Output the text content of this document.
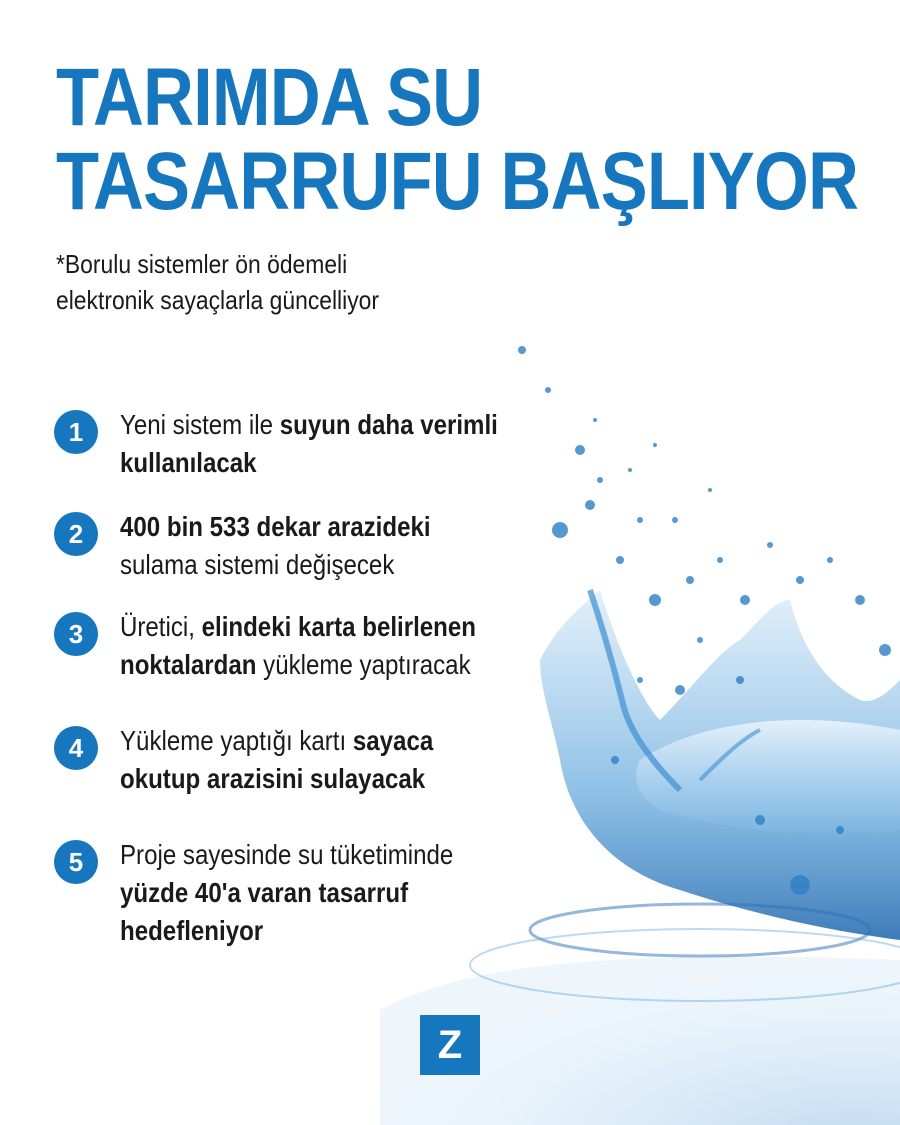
TARIMDA SU
TASARRUFU BAŞLIYOR
*Borulu sistemler ön ödemeli
elektronik sayaçlarla güncelliyor
1	Yeni sistem ile suyun daha verimli
kullanılacak
2	400 bin 533 dekar arazideki
sulama sistemi değişecek
3	Üretici, elindeki karta belirlenen
noktalardan yükleme yaptıracak
4	Yükleme yaptığı kartı sayaca
okutup arazisini sulayacak
5	Proje sayesinde su tüketiminde
yüzde 40'a varan tasarruf
hedefleniyor
Z
